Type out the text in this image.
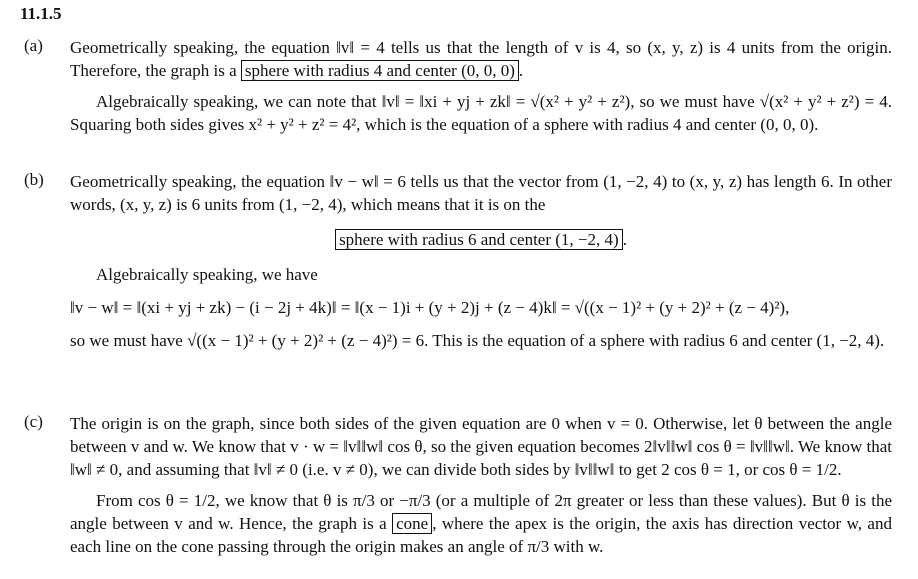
11.1.5
(a) Geometrically speaking, the equation ‖v‖ = 4 tells us that the length of v is 4, so (x, y, z) is 4 units from the origin. Therefore, the graph is a sphere with radius 4 and center (0, 0, 0) .
Algebraically speaking, we can note that ‖v‖ = ‖xi + yj + zk‖ = √(x² + y² + z²), so we must have √(x² + y² + z²) = 4. Squaring both sides gives x² + y² + z² = 4², which is the equation of a sphere with radius 4 and center (0, 0, 0).
(b) Geometrically speaking, the equation ‖v − w‖ = 6 tells us that the vector from (1, −2, 4) to (x, y, z) has length 6. In other words, (x, y, z) is 6 units from (1, −2, 4), which means that it is on the
sphere with radius 6 and center (1, −2, 4) .
Algebraically speaking, we have
‖v − w‖ = ‖(xi + yj + zk) − (i − 2j + 4k)‖ = ‖(x − 1)i + (y + 2)j + (z − 4)k‖ = √((x − 1)² + (y + 2)² + (z − 4)²),
so we must have √((x − 1)² + (y + 2)² + (z − 4)²) = 6. This is the equation of a sphere with radius 6 and center (1, −2, 4).
(c) The origin is on the graph, since both sides of the given equation are 0 when v = 0. Otherwise, let θ between the angle between v and w. We know that v · w = ‖v‖‖w‖ cos θ, so the given equation becomes 2‖v‖‖w‖ cos θ = ‖v‖‖w‖. We know that ‖w‖ ≠ 0, and assuming that ‖v‖ ≠ 0 (i.e. v ≠ 0), we can divide both sides by ‖v‖‖w‖ to get 2 cos θ = 1, or cos θ = 1/2.
From cos θ = 1/2, we know that θ is π/3 or −π/3 (or a multiple of 2π greater or less than these values). But θ is the angle between v and w. Hence, the graph is a cone , where the apex is the origin, the axis has direction vector w, and each line on the cone passing through the origin makes an angle of π/3 with w.
